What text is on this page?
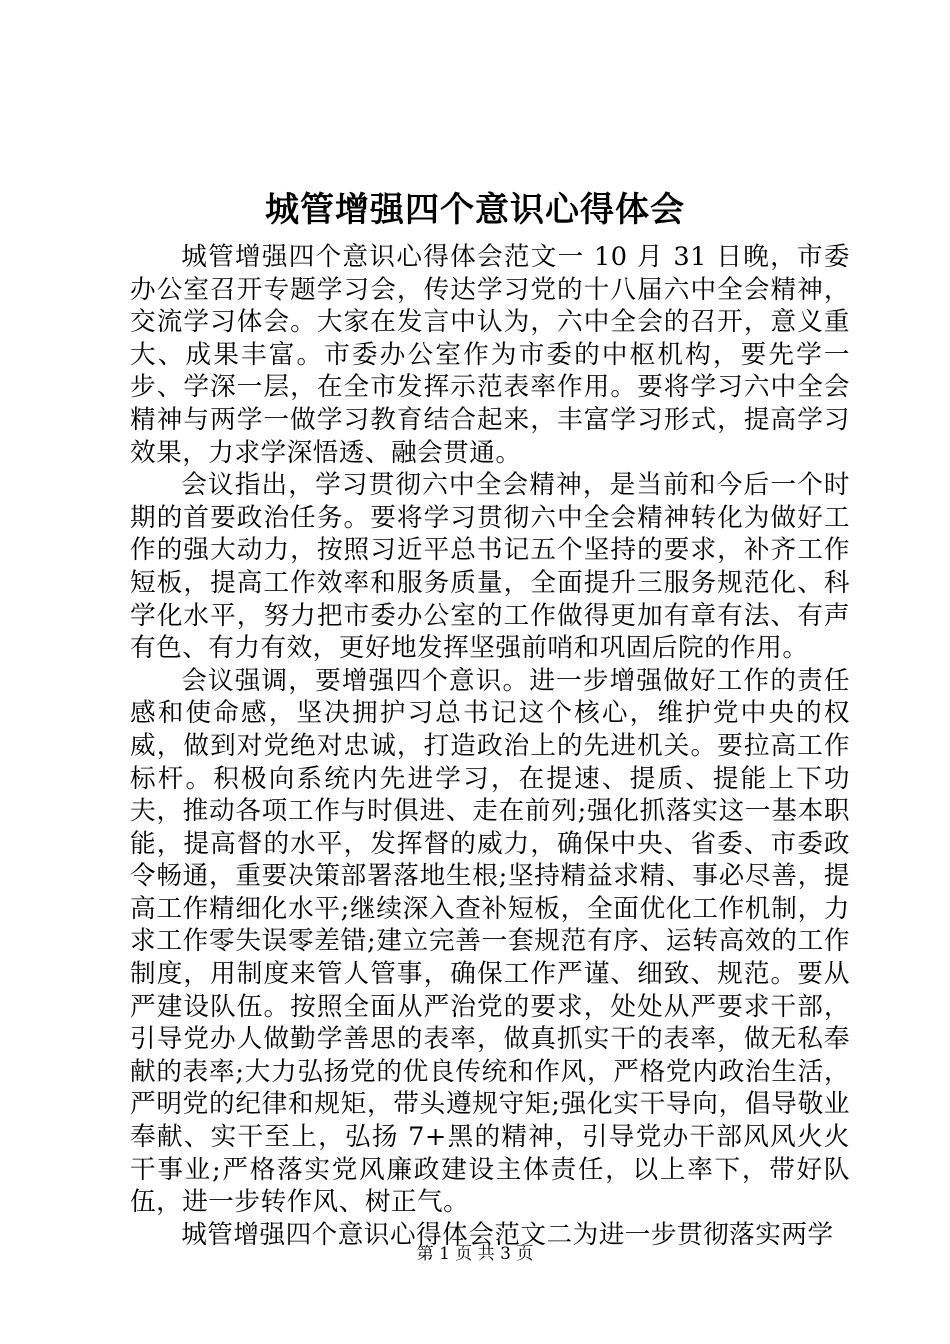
城管增强四个意识心得体会

城管增强四个意识心得体会范文一 10 月 31 日晚，市委办公室召开专题学习会，传达学习党的十八届六中全会精神，交流学习体会。大家在发言中认为，六中全会的召开，意义重大、成果丰富。市委办公室作为市委的中枢机构，要先学一步、学深一层，在全市发挥示范表率作用。要将学习六中全会精神与两学一做学习教育结合起来，丰富学习形式，提高学习效果，力求学深悟透、融会贯通。

会议指出，学习贯彻六中全会精神，是当前和今后一个时期的首要政治任务。要将学习贯彻六中全会精神转化为做好工作的强大动力，按照习近平总书记五个坚持的要求，补齐工作短板，提高工作效率和服务质量，全面提升三服务规范化、科学化水平，努力把市委办公室的工作做得更加有章有法、有声有色、有力有效，更好地发挥坚强前哨和巩固后院的作用。

会议强调，要增强四个意识。进一步增强做好工作的责任感和使命感，坚决拥护习总书记这个核心，维护党中央的权威，做到对党绝对忠诚，打造政治上的先进机关。要拉高工作标杆。积极向系统内先进学习，在提速、提质、提能上下功夫，推动各项工作与时俱进、走在前列;强化抓落实这一基本职能，提高督的水平，发挥督的威力，确保中央、省委、市委政令畅通，重要决策部署落地生根;坚持精益求精、事必尽善，提高工作精细化水平;继续深入查补短板，全面优化工作机制，力求工作零失误零差错;建立完善一套规范有序、运转高效的工作制度，用制度来管人管事，确保工作严谨、细致、规范。要从严建设队伍。按照全面从严治党的要求，处处从严要求干部，引导党办人做勤学善思的表率，做真抓实干的表率，做无私奉献的表率;大力弘扬党的优良传统和作风，严格党内政治生活，严明党的纪律和规矩，带头遵规守矩;强化实干导向，倡导敬业奉献、实干至上，弘扬 7+黑的精神，引导党办干部风风火火干事业;严格落实党风廉政建设主体责任，以上率下，带好队伍，进一步转作风、树正气。

城管增强四个意识心得体会范文二为进一步贯彻落实两学

第 1 页 共 3 页
